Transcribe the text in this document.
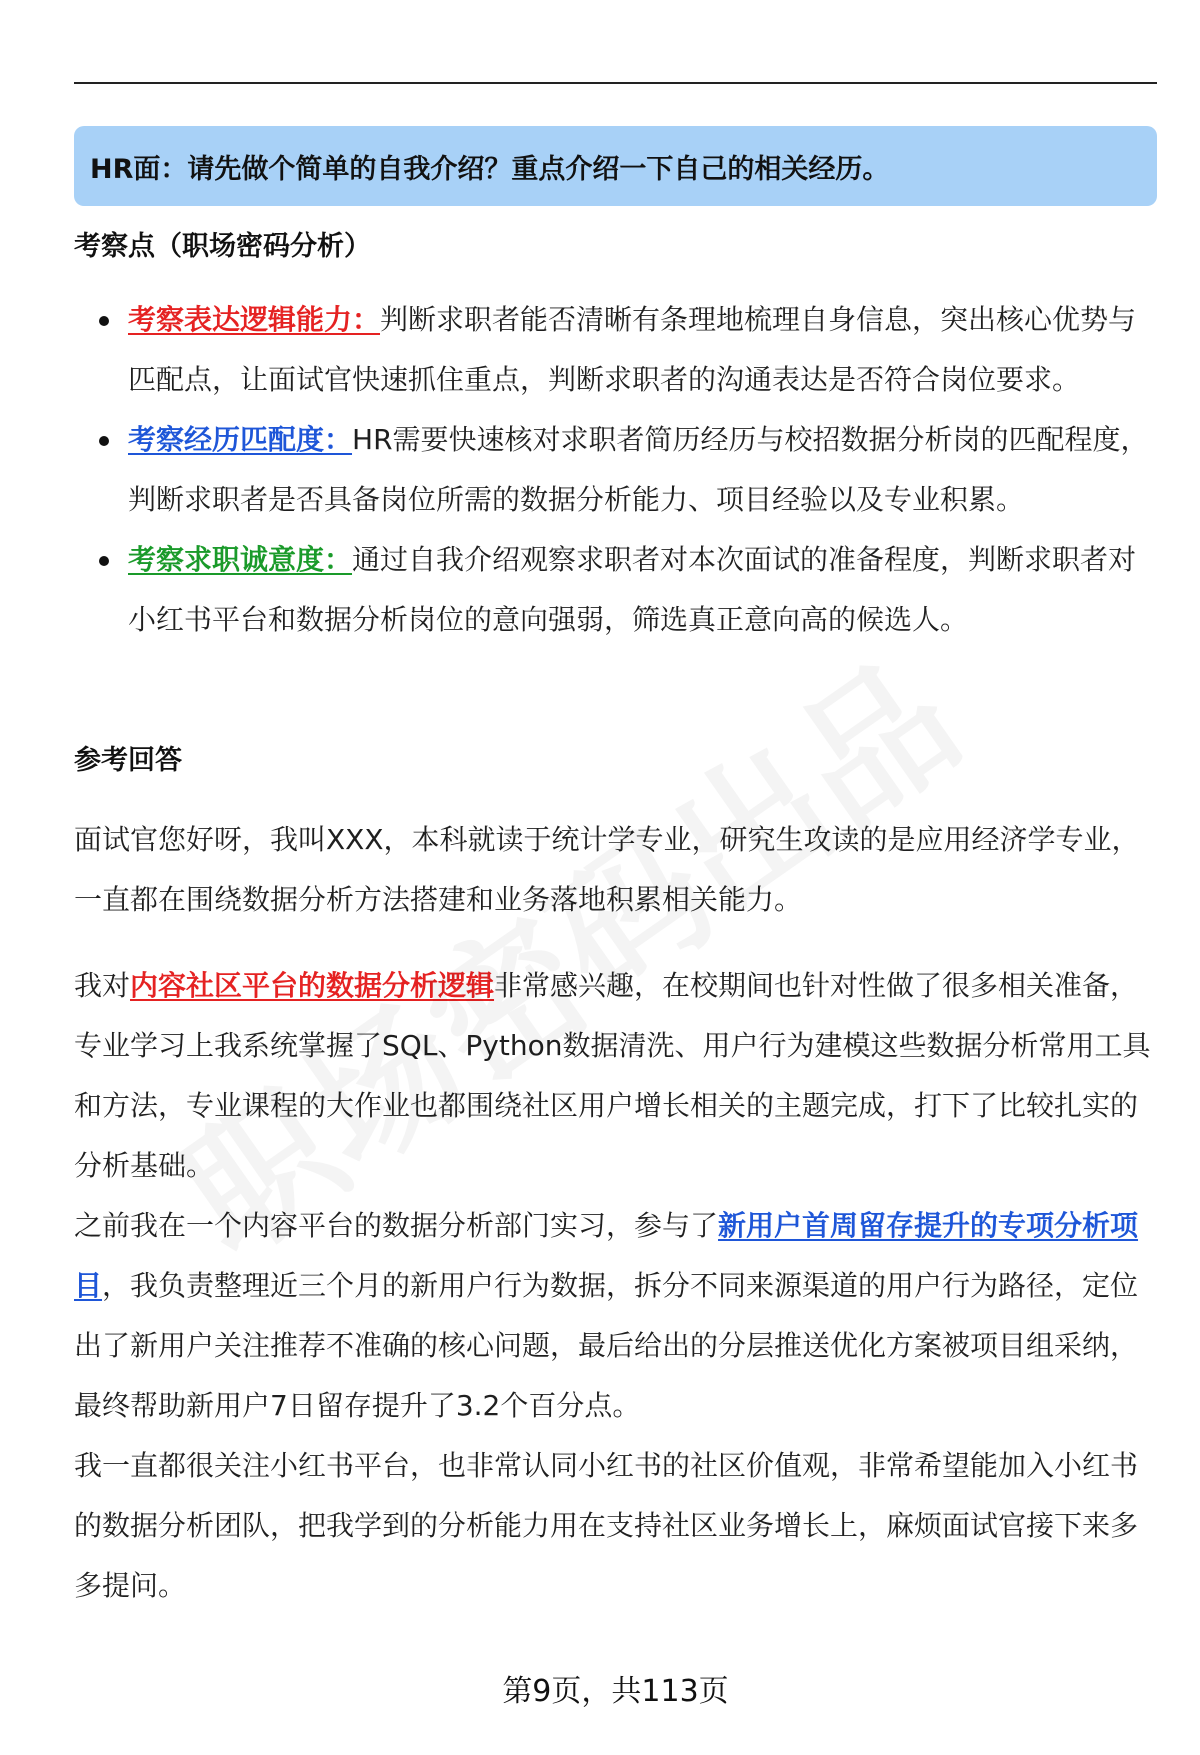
HR面：请先做个简单的自我介绍？重点介绍一下自己的相关经历。
考察点（职场密码分析）
考察表达逻辑能力：判断求职者能否清晰有条理地梳理自身信息，突出核心优势与匹配点，让面试官快速抓住重点，判断求职者的沟通表达是否符合岗位要求。
考察经历匹配度：HR需要快速核对求职者简历经历与校招数据分析岗的匹配程度，判断求职者是否具备岗位所需的数据分析能力、项目经验以及专业积累。
考察求职诚意度：通过自我介绍观察求职者对本次面试的准备程度，判断求职者对小红书平台和数据分析岗位的意向强弱，筛选真正意向高的候选人。
参考回答

面试官您好呀，我叫XXX，本科就读于统计学专业，研究生攻读的是应用经济学专业，一直都在围绕数据分析方法搭建和业务落地积累相关能力。

我对内容社区平台的数据分析逻辑非常感兴趣，在校期间也针对性做了很多相关准备，专业学习上我系统掌握了SQL、Python数据清洗、用户行为建模这些数据分析常用工具和方法，专业课程的大作业也都围绕社区用户增长相关的主题完成，打下了比较扎实的分析基础。

之前我在一个内容平台的数据分析部门实习，参与了新用户首周留存提升的专项分析项目，我负责整理近三个月的新用户行为数据，拆分不同来源渠道的用户行为路径，定位出了新用户关注推荐不准确的核心问题，最后给出的分层推送优化方案被项目组采纳，最终帮助新用户7日留存提升了3.2个百分点。

我一直都很关注小红书平台，也非常认同小红书的社区价值观，非常希望能加入小红书的数据分析团队，把我学到的分析能力用在支持社区业务增长上，麻烦面试官接下来多多提问。

第9页，共113页
